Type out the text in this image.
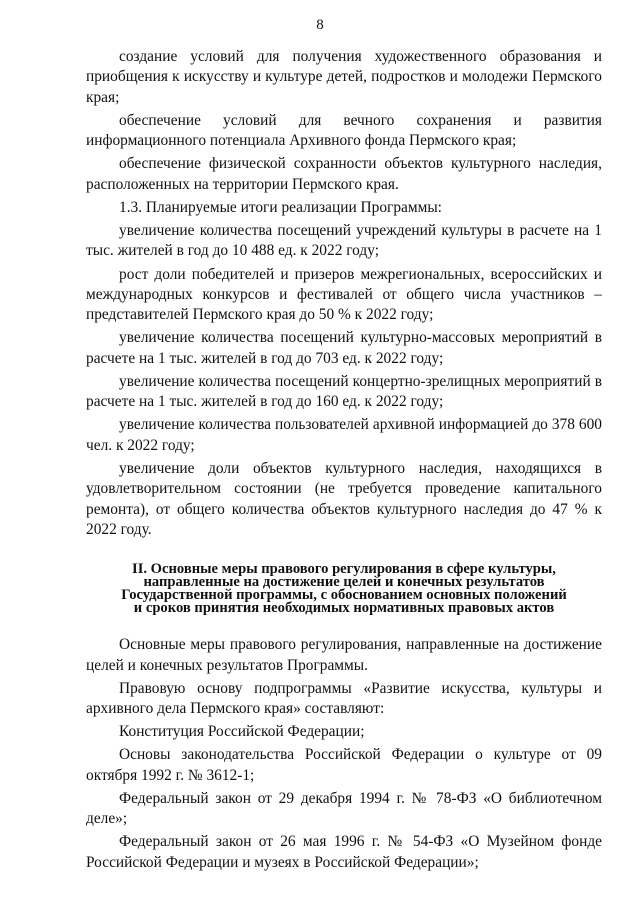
8

создание условий для получения художественного образования и приобщения к искусству и культуре детей, подростков и молодежи Пермского края;

обеспечение условий для вечного сохранения и развития информационного потенциала Архивного фонда Пермского края;

обеспечение физической сохранности объектов культурного наследия, расположенных на территории Пермского края.

1.3. Планируемые итоги реализации Программы:

увеличение количества посещений учреждений культуры в расчете на 1 тыс. жителей в год до 10 488 ед. к 2022 году;

рост доли победителей и призеров межрегиональных, всероссийских и международных конкурсов и фестивалей от общего числа участников – представителей Пермского края до 50 % к 2022 году;

увеличение количества посещений культурно-массовых мероприятий в расчете на 1 тыс. жителей в год до 703 ед. к 2022 году;

увеличение количества посещений концертно-зрелищных мероприятий в расчете на 1 тыс. жителей в год до 160 ед. к 2022 году;

увеличение количества пользователей архивной информацией до 378 600 чел. к 2022 году;

увеличение доли объектов культурного наследия, находящихся в удовлетворительном состоянии (не требуется проведение капитального ремонта), от общего количества объектов культурного наследия до 47 % к 2022 году.

II. Основные меры правового регулирования в сфере культуры,
направленные на достижение целей и конечных результатов
Государственной программы, с обоснованием основных положений
и сроков принятия необходимых нормативных правовых актов

Основные меры правового регулирования, направленные на достижение целей и конечных результатов Программы.

Правовую основу подпрограммы «Развитие искусства, культуры и архивного дела Пермского края» составляют:

Конституция Российской Федерации;

Основы законодательства Российской Федерации о культуре от 09 октября 1992 г. № 3612-1;

Федеральный закон от 29 декабря 1994 г. № 78-ФЗ «О библиотечном деле»;

Федеральный закон от 26 мая 1996 г. № 54-ФЗ «О Музейном фонде Российской Федерации и музеях в Российской Федерации»;
